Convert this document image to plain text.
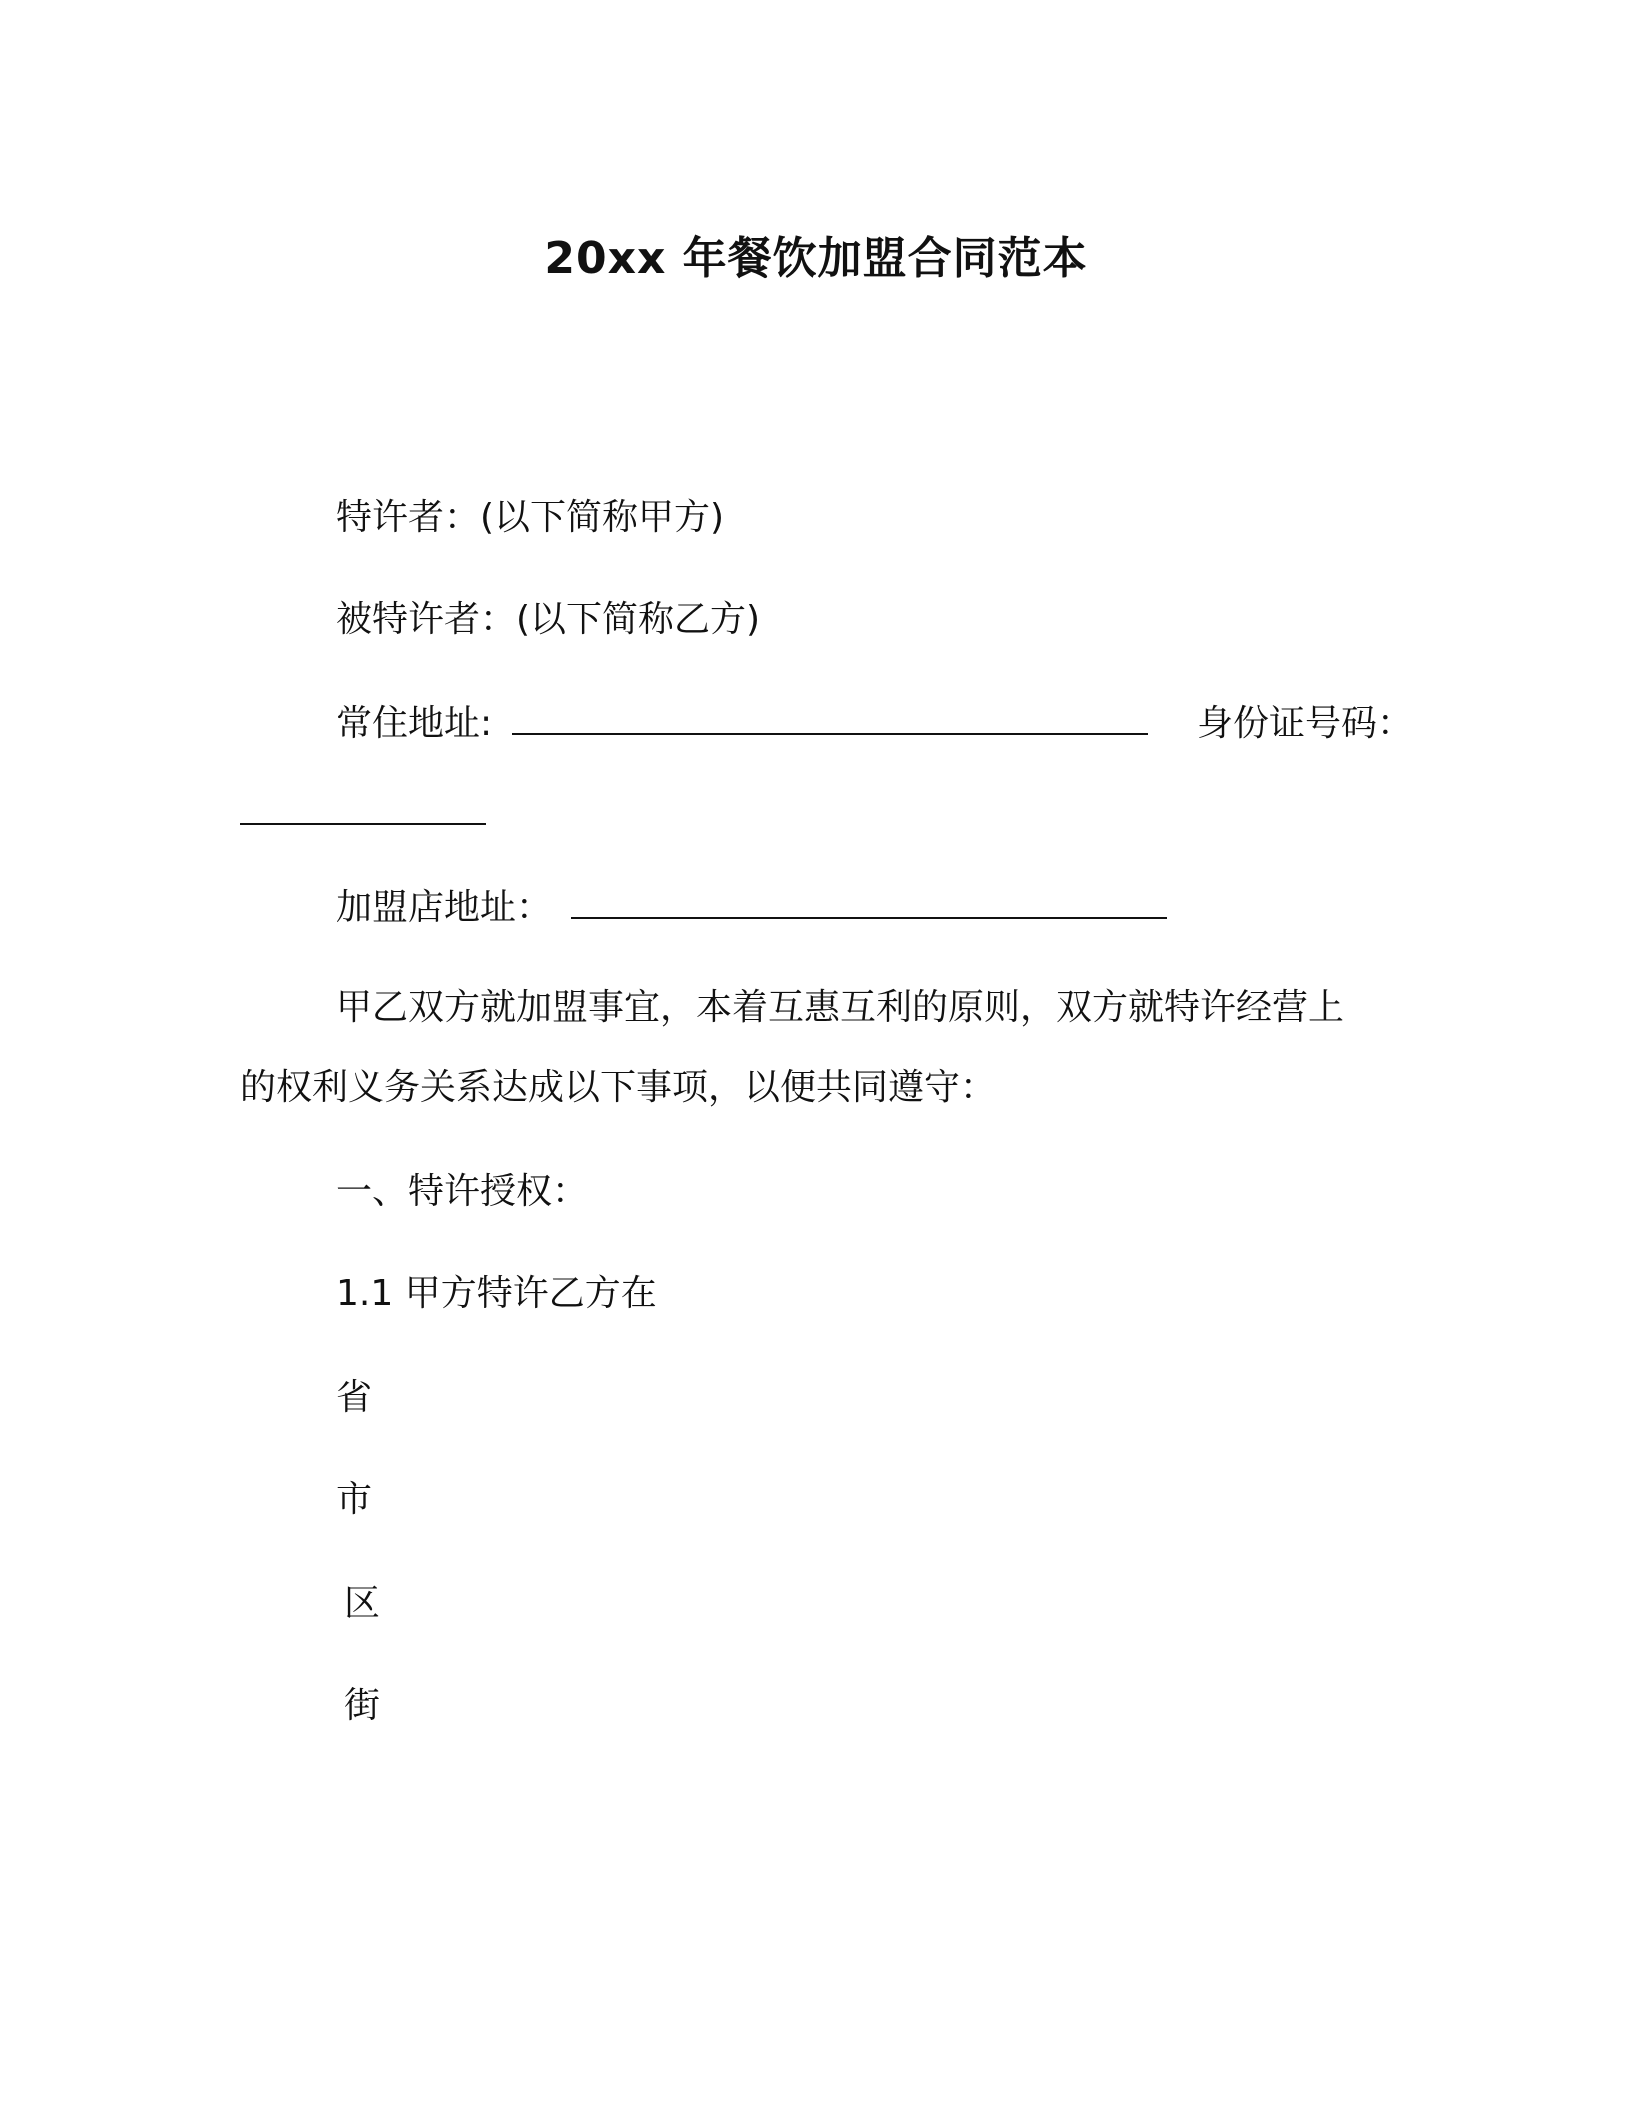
20xx 年餐饮加盟合同范本
特许者：(以下简称甲方)
被特许者：(以下简称乙方)
常住地址:	身份证号码：
加盟店地址：
甲乙双方就加盟事宜，本着互惠互利的原则，双方就特许经营上
的权利义务关系达成以下事项，以便共同遵守：
一、特许授权：
1.1 甲方特许乙方在
省
市
区
街
